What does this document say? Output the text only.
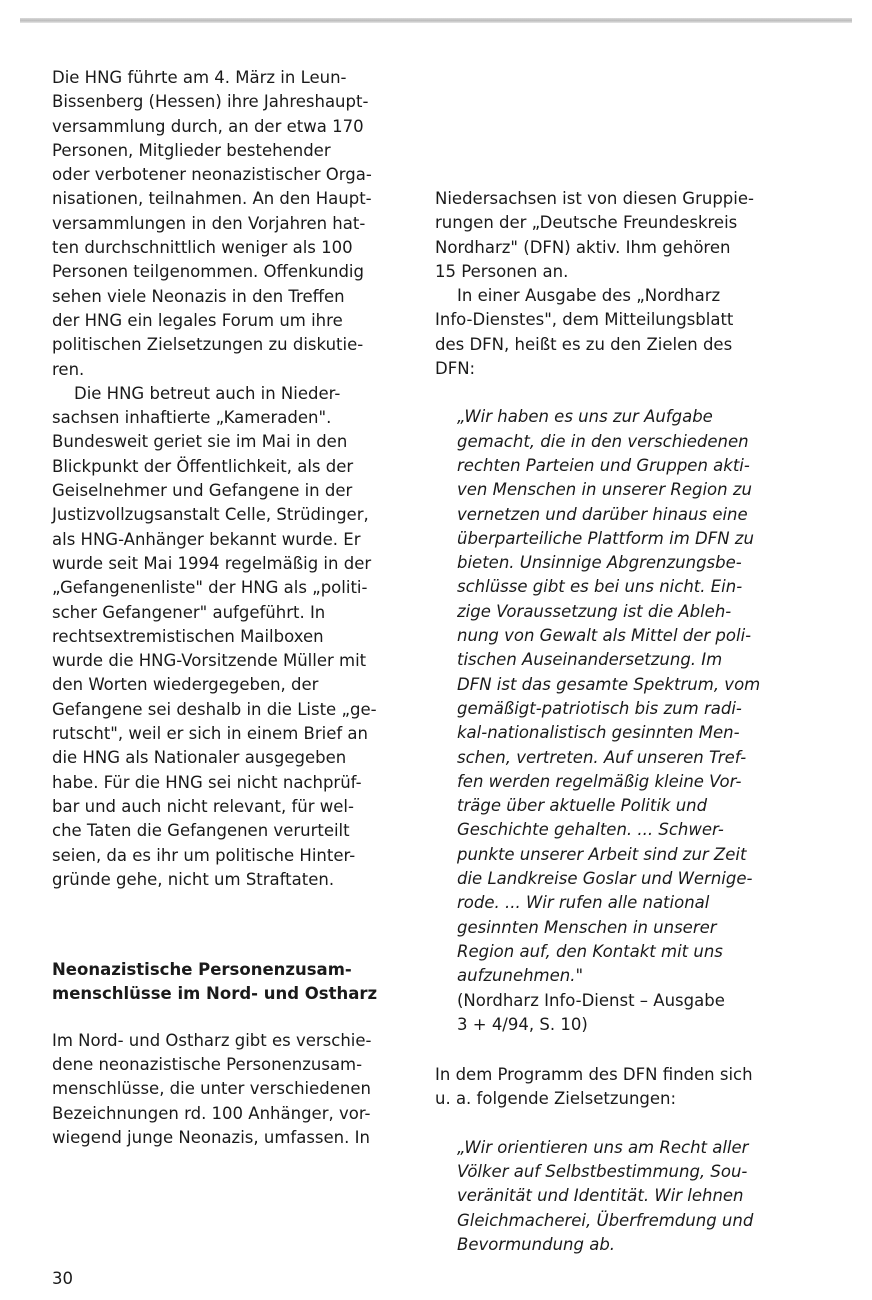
Die HNG führte am 4. März in Leun-
Bissenberg (Hessen) ihre Jahreshaupt-
versammlung durch, an der etwa 170
Personen, Mitglieder bestehender
oder verbotener neonazistischer Orga-
nisationen, teilnahmen. An den Haupt-
versammlungen in den Vorjahren hat-
ten durchschnittlich weniger als 100
Personen teilgenommen. Offenkundig
sehen viele Neonazis in den Treffen
der HNG ein legales Forum um ihre
politischen Zielsetzungen zu diskutie-
ren.

Die HNG betreut auch in Nieder-
sachsen inhaftierte „Kameraden".
Bundesweit geriet sie im Mai in den
Blickpunkt der Öffentlichkeit, als der
Geiselnehmer und Gefangene in der
Justizvollzugsanstalt Celle, Strüdinger,
als HNG-Anhänger bekannt wurde. Er
wurde seit Mai 1994 regelmäßig in der
„Gefangenenliste" der HNG als „politi-
scher Gefangener" aufgeführt. In
rechtsextremistischen Mailboxen
wurde die HNG-Vorsitzende Müller mit
den Worten wiedergegeben, der
Gefangene sei deshalb in die Liste „ge-
rutscht", weil er sich in einem Brief an
die HNG als Nationaler ausgegeben
habe. Für die HNG sei nicht nachprüf-
bar und auch nicht relevant, für wel-
che Taten die Gefangenen verurteilt
seien, da es ihr um politische Hinter-
gründe gehe, nicht um Straftaten.

Neonazistische Personenzusam-
menschlüsse im Nord- und Ostharz

Im Nord- und Ostharz gibt es verschie-
dene neonazistische Personenzusam-
menschlüsse, die unter verschiedenen
Bezeichnungen rd. 100 Anhänger, vor-
wiegend junge Neonazis, umfassen. In

Niedersachsen ist von diesen Gruppie-
rungen der „Deutsche Freundeskreis
Nordharz" (DFN) aktiv. Ihm gehören
15 Personen an.

In einer Ausgabe des „Nordharz
Info-Dienstes", dem Mitteilungsblatt
des DFN, heißt es zu den Zielen des
DFN:

„Wir haben es uns zur Aufgabe
gemacht, die in den verschiedenen
rechten Parteien und Gruppen akti-
ven Menschen in unserer Region zu
vernetzen und darüber hinaus eine
überparteiliche Plattform im DFN zu
bieten. Unsinnige Abgrenzungsbe-
schlüsse gibt es bei uns nicht. Ein-
zige Voraussetzung ist die Ableh-
nung von Gewalt als Mittel der poli-
tischen Auseinandersetzung. Im
DFN ist das gesamte Spektrum, vom
gemäßigt-patriotisch bis zum radi-
kal-nationalistisch gesinnten Men-
schen, vertreten. Auf unseren Tref-
fen werden regelmäßig kleine Vor-
träge über aktuelle Politik und
Geschichte gehalten. ... Schwer-
punkte unserer Arbeit sind zur Zeit
die Landkreise Goslar und Wernige-
rode. ... Wir rufen alle national
gesinnten Menschen in unserer
Region auf, den Kontakt mit uns
aufzunehmen."

(Nordharz Info-Dienst – Ausgabe
3 + 4/94, S. 10)

In dem Programm des DFN finden sich
u. a. folgende Zielsetzungen:

„Wir orientieren uns am Recht aller
Völker auf Selbstbestimmung, Sou-
veränität und Identität. Wir lehnen
Gleichmacherei, Überfremdung und
Bevormundung ab.

30
